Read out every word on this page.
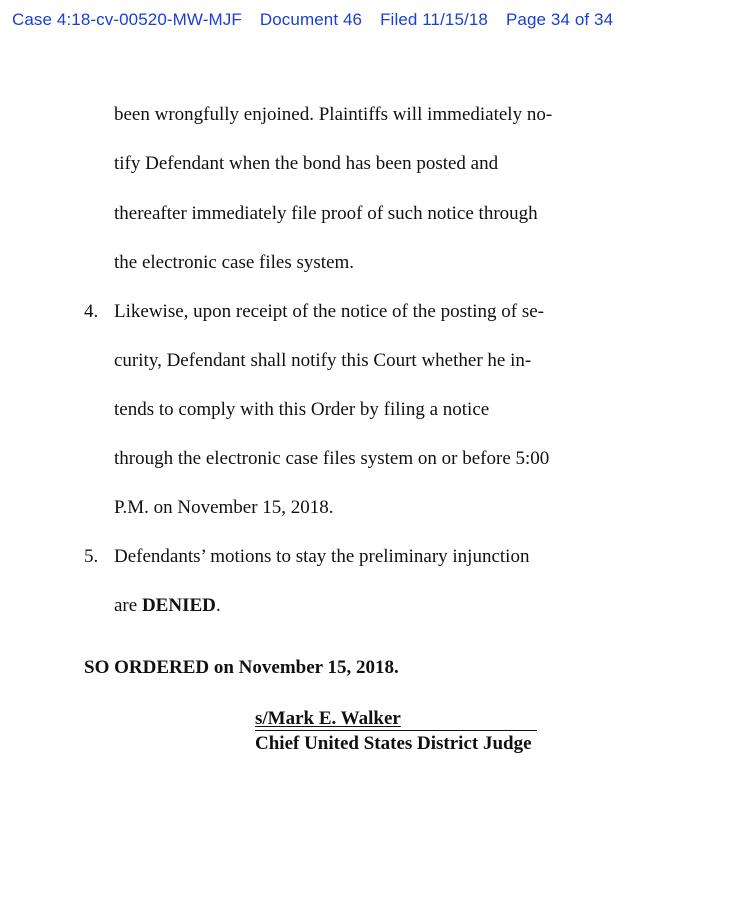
Case 4:18-cv-00520-MW-MJF Document 46 Filed 11/15/18 Page 34 of 34
been wrongfully enjoined. Plaintiffs will immediately no-
tify Defendant when the bond has been posted and
thereafter immediately file proof of such notice through
the electronic case files system.
4. Likewise, upon receipt of the notice of the posting of se-
curity, Defendant shall notify this Court whether he in-
tends to comply with this Order by filing a notice
through the electronic case files system on or before 5:00
P.M. on November 15, 2018.
5. Defendants’ motions to stay the preliminary injunction
are DENIED.
SO ORDERED on November 15, 2018.
s/Mark E. Walker
Chief United States District Judge
